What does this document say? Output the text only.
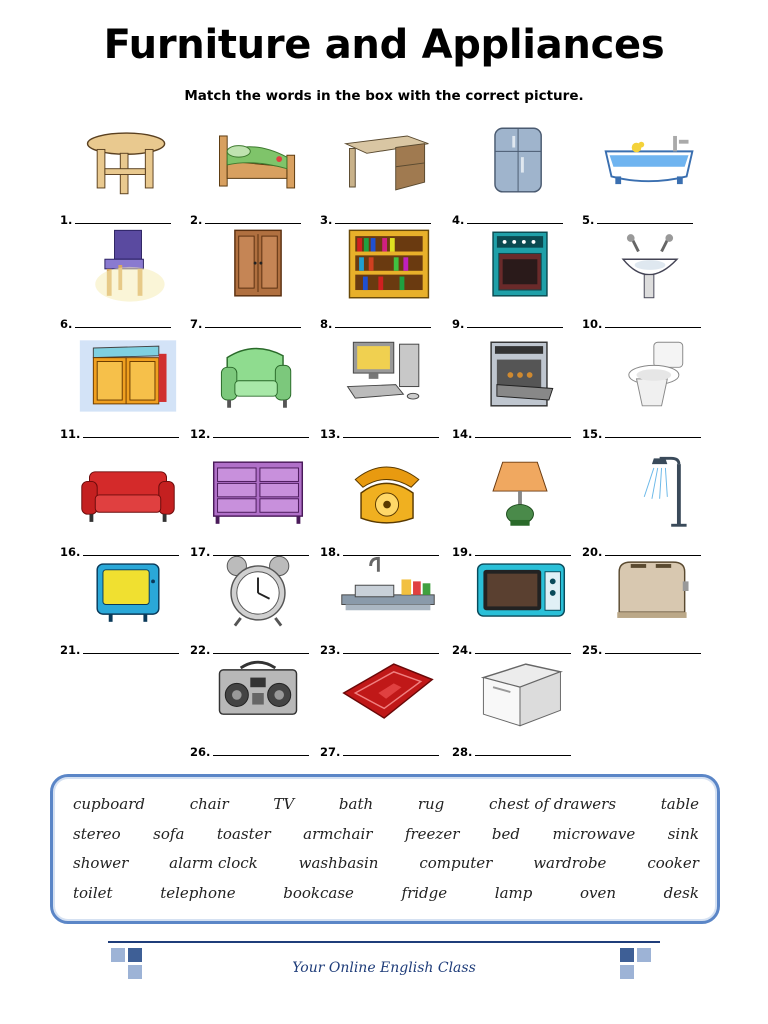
Furniture and Appliances
Match the words in the box with the correct picture.
1.	2.	3.	4.	5.
6.	7.	8.	9.	10.
11.	12.	13.	14.	15.
16.	17.	18.	19.	20.
21.	22.	23.	24.	25.
26.	27.	28.
cupboard	chair	TV	bath	rug	chest of drawers	table
stereo sofa toaster armchair freezer bed microwave sink
shower	alarm clock	washbasin	computer	wardrobe	cooker
toilet	telephone	bookcase	fridge	lamp	oven	desk
Your Online English Class
